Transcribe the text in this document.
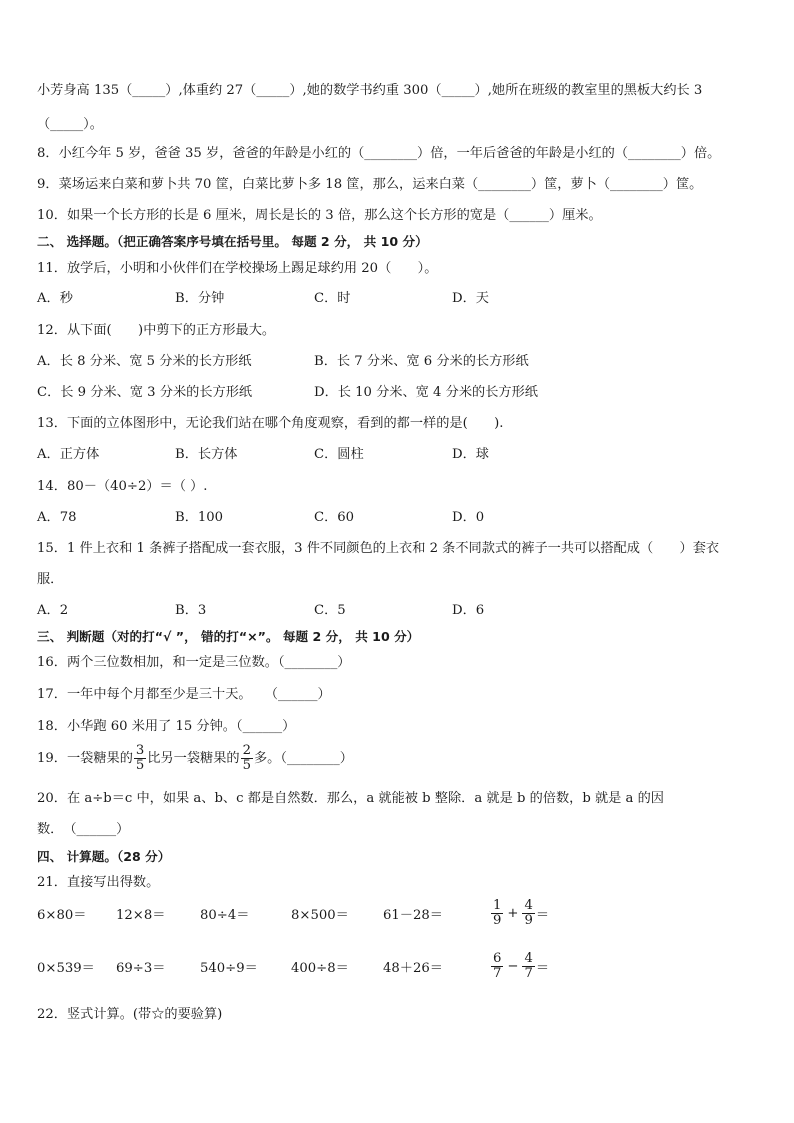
小芳身高 135（_____）,体重约 27（_____）,她的数学书约重 300（_____）,她所在班级的教室里的黑板大约长 3
（_____）。
8．小红今年 5 岁，爸爸 35 岁，爸爸的年龄是小红的（________）倍，一年后爸爸的年龄是小红的（________）倍。
9．菜场运来白菜和萝卜共 70 筐，白菜比萝卜多 18 筐，那么，运来白菜（________）筐，萝卜（________）筐。
10．如果一个长方形的长是 6 厘米，周长是长的 3 倍，那么这个长方形的宽是（______）厘米。
二、 选择题。（把正确答案序号填在括号里。 每题 2 分， 共 10 分）
11．放学后，小明和小伙伴们在学校操场上踢足球约用 20（　　）。
A．秒	B．分钟	C．时	D．天
12．从下面(　　)中剪下的正方形最大。
A．长 8 分米、宽 5 分米的长方形纸	B．长 7 分米、宽 6 分米的长方形纸
C．长 9 分米、宽 3 分米的长方形纸	D．长 10 分米、宽 4 分米的长方形纸
13．下面的立体图形中，无论我们站在哪个角度观察，看到的都一样的是(　　).
A．正方体	B．长方体	C．圆柱	D．球
14．80－（40÷2）＝（ ）.
A．78	B．100	C．60	D．0
15．1 件上衣和 1 条裤子搭配成一套衣服，3 件不同颜色的上衣和 2 条不同款式的裤子一共可以搭配成（　　）套衣
服．
A．2	B．3	C．5	D．6
三、 判断题（对的打“√ ”， 错的打“×”。 每题 2 分， 共 10 分）
16．两个三位数相加，和一定是三位数。（________）
17．一年中每个月都至少是三十天。　　（______）
18．小华跑 60 米用了 15 分钟。（______）
19．一袋糖果的 $\frac{3}{5}$ 比另一袋糖果的 $\frac{2}{5}$ 多。（________）
20．在 a÷b＝c 中，如果 a、b、c 都是自然数．那么，a 就能被 b 整除．a 就是 b 的倍数，b 就是 a 的因
数．　（______）
四、 计算题。（28 分）
21．直接写出得数。
6×80＝ 12×8＝	80÷4＝	8×500＝	61－28＝	$\frac{1}{9} + \frac{4}{9}$ ＝
0×539＝ 69÷3＝	540÷9＝	400÷8＝	48＋26＝	$\frac{6}{7} - \frac{4}{7}$ ＝
22．竖式计算。(带☆的要验算)
